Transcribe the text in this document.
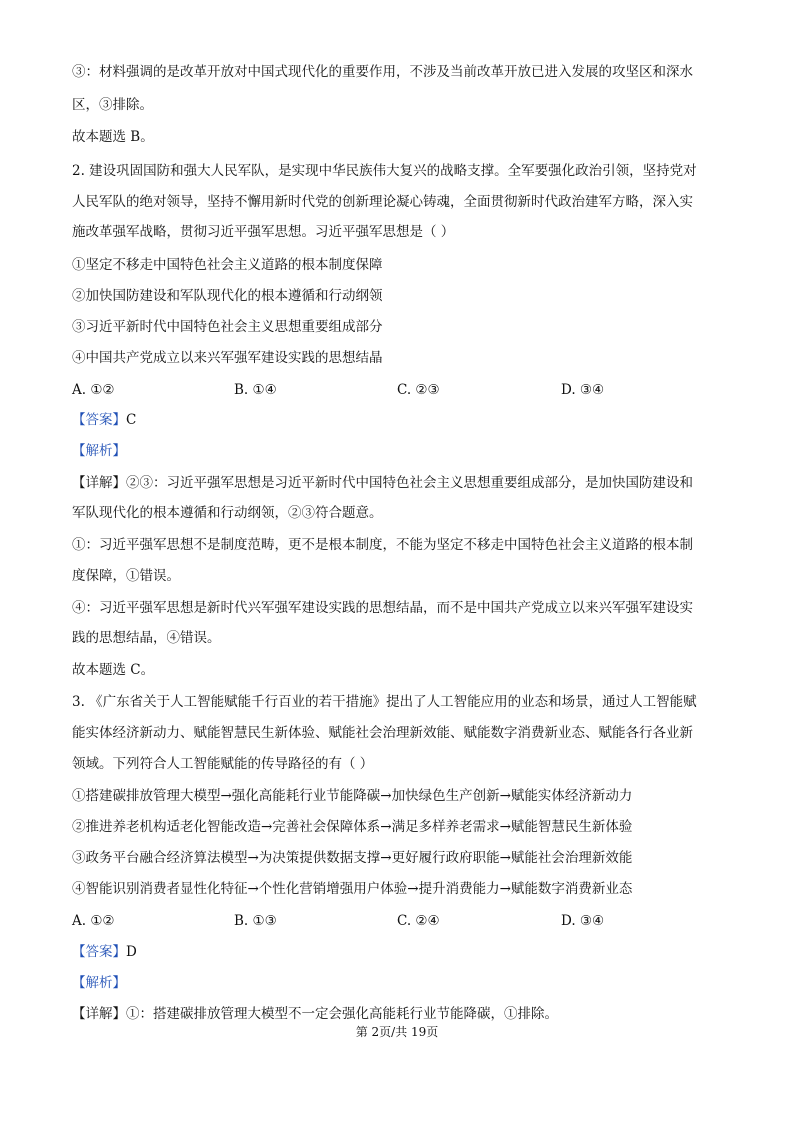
③：材料强调的是改革开放对中国式现代化的重要作用，不涉及当前改革开放已进入发展的攻坚区和深水
区，③排除。
故本题选 B。
2. 建设巩固国防和强大人民军队，是实现中华民族伟大复兴的战略支撑。全军要强化政治引领，坚持党对
人民军队的绝对领导，坚持不懈用新时代党的创新理论凝心铸魂，全面贯彻新时代政治建军方略，深入实
施改革强军战略，贯彻习近平强军思想。习近平强军思想是（ ）
①坚定不移走中国特色社会主义道路的根本制度保障
②加快国防建设和军队现代化的根本遵循和行动纲领
③习近平新时代中国特色社会主义思想重要组成部分
④中国共产党成立以来兴军强军建设实践的思想结晶
A. ①②	B. ①④	C. ②③	D. ③④
【答案】C
【解析】
【详解】②③：习近平强军思想是习近平新时代中国特色社会主义思想重要组成部分，是加快国防建设和
军队现代化的根本遵循和行动纲领，②③符合题意。
①：习近平强军思想不是制度范畴，更不是根本制度，不能为坚定不移走中国特色社会主义道路的根本制
度保障，①错误。
④：习近平强军思想是新时代兴军强军建设实践的思想结晶，而不是中国共产党成立以来兴军强军建设实
践的思想结晶，④错误。
故本题选 C。
3. 《广东省关于人工智能赋能千行百业的若干措施》提出了人工智能应用的业态和场景，通过人工智能赋
能实体经济新动力、赋能智慧民生新体验、赋能社会治理新效能、赋能数字消费新业态、赋能各行各业新
领域。下列符合人工智能赋能的传导路径的有（ ）
①搭建碳排放管理大模型→强化高能耗行业节能降碳→加快绿色生产创新→赋能实体经济新动力
②推进养老机构适老化智能改造→完善社会保障体系→满足多样养老需求→赋能智慧民生新体验
③政务平台融合经济算法模型→为决策提供数据支撑→更好履行政府职能→赋能社会治理新效能
④智能识别消费者显性化特征→个性化营销增强用户体验→提升消费能力→赋能数字消费新业态
A. ①②	B. ①③	C. ②④	D. ③④
【答案】D
【解析】
【详解】①：搭建碳排放管理大模型不一定会强化高能耗行业节能降碳，①排除。
第 2页/共 19页
